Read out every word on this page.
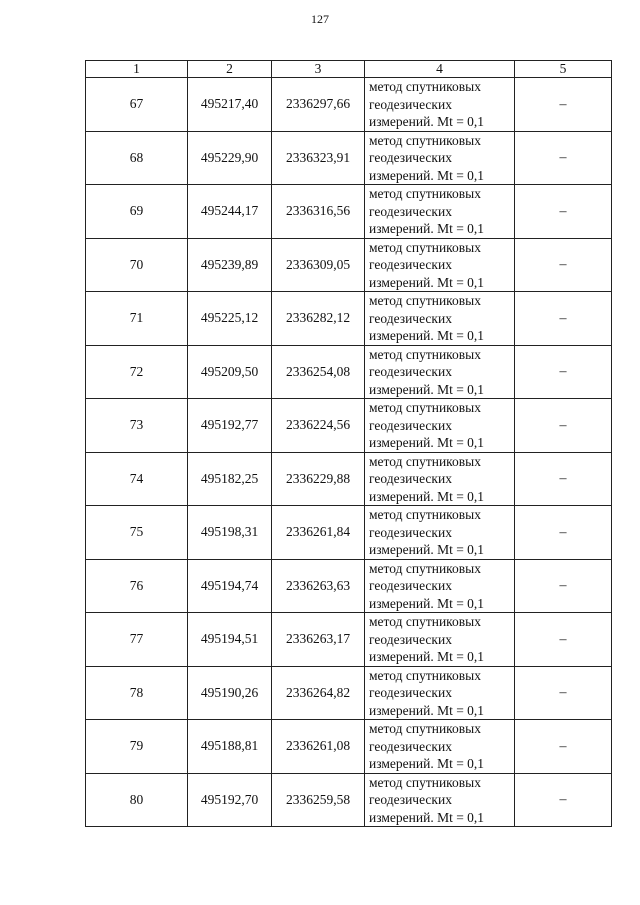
127
1	2	3	4	5
67	495217,40	2336297,66	метод спутниковых
геодезических
измерений. Mt = 0,1	–
68	495229,90	2336323,91	метод спутниковых
геодезических
измерений. Mt = 0,1	–
69	495244,17	2336316,56	метод спутниковых
геодезических
измерений. Mt = 0,1	–
70	495239,89	2336309,05	метод спутниковых
геодезических
измерений. Mt = 0,1	–
71	495225,12	2336282,12	метод спутниковых
геодезических
измерений. Mt = 0,1	–
72	495209,50	2336254,08	метод спутниковых
геодезических
измерений. Mt = 0,1	–
73	495192,77	2336224,56	метод спутниковых
геодезических
измерений. Mt = 0,1	–
74	495182,25	2336229,88	метод спутниковых
геодезических
измерений. Mt = 0,1	–
75	495198,31	2336261,84	метод спутниковых
геодезических
измерений. Mt = 0,1	–
76	495194,74	2336263,63	метод спутниковых
геодезических
измерений. Mt = 0,1	–
77	495194,51	2336263,17	метод спутниковых
геодезических
измерений. Mt = 0,1	–
78	495190,26	2336264,82	метод спутниковых
геодезических
измерений. Mt = 0,1	–
79	495188,81	2336261,08	метод спутниковых
геодезических
измерений. Mt = 0,1	–
80	495192,70	2336259,58	метод спутниковых
геодезических
измерений. Mt = 0,1	–
